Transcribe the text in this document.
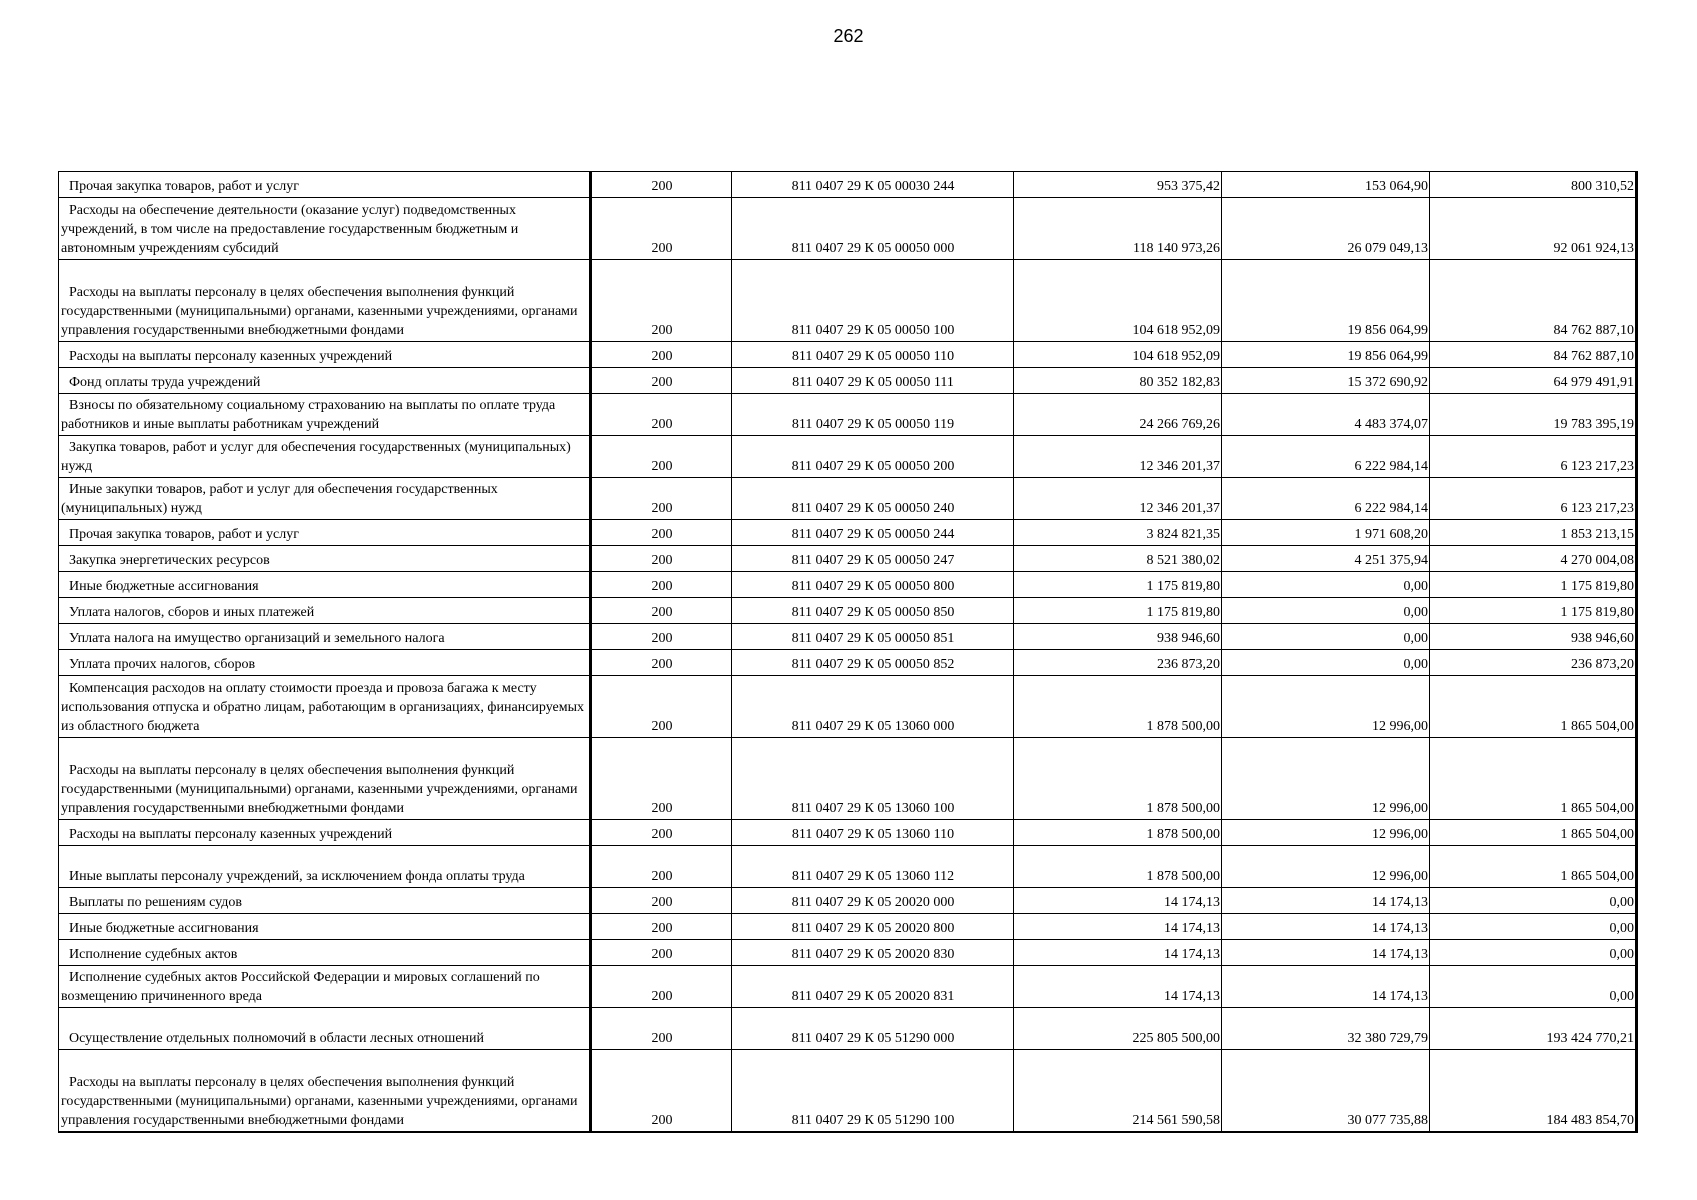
262
Прочая закупка товаров, работ и услуг	200	811 0407 29 К 05 00030 244	953 375,42	153 064,90	800 310,52
Расходы на обеспечение деятельности (оказание услуг) подведомственных учреждений, в том числе на предоставление государственным бюджетным и автономным учреждениям субсидий	200	811 0407 29 К 05 00050 000	118 140 973,26	26 079 049,13	92 061 924,13
Расходы на выплаты персоналу в целях обеспечения выполнения функций государственными (муниципальными) органами, казенными учреждениями, органами управления государственными внебюджетными фондами	200	811 0407 29 К 05 00050 100	104 618 952,09	19 856 064,99	84 762 887,10
Расходы на выплаты персоналу казенных учреждений	200	811 0407 29 К 05 00050 110	104 618 952,09	19 856 064,99	84 762 887,10
Фонд оплаты труда учреждений	200	811 0407 29 К 05 00050 111	80 352 182,83	15 372 690,92	64 979 491,91
Взносы по обязательному социальному страхованию на выплаты по оплате труда работников и иные выплаты работникам учреждений	200	811 0407 29 К 05 00050 119	24 266 769,26	4 483 374,07	19 783 395,19
Закупка товаров, работ и услуг для обеспечения государственных (муниципальных) нужд	200	811 0407 29 К 05 00050 200	12 346 201,37	6 222 984,14	6 123 217,23
Иные закупки товаров, работ и услуг для обеспечения государственных (муниципальных) нужд	200	811 0407 29 К 05 00050 240	12 346 201,37	6 222 984,14	6 123 217,23
Прочая закупка товаров, работ и услуг	200	811 0407 29 К 05 00050 244	3 824 821,35	1 971 608,20	1 853 213,15
Закупка энергетических ресурсов	200	811 0407 29 К 05 00050 247	8 521 380,02	4 251 375,94	4 270 004,08
Иные бюджетные ассигнования	200	811 0407 29 К 05 00050 800	1 175 819,80	0,00	1 175 819,80
Уплата налогов, сборов и иных платежей	200	811 0407 29 К 05 00050 850	1 175 819,80	0,00	1 175 819,80
Уплата налога на имущество организаций и земельного налога	200	811 0407 29 К 05 00050 851	938 946,60	0,00	938 946,60
Уплата прочих налогов, сборов	200	811 0407 29 К 05 00050 852	236 873,20	0,00	236 873,20
Компенсация расходов на оплату стоимости проезда и провоза багажа к месту использования отпуска и обратно лицам, работающим в организациях, финансируемых из областного бюджета	200	811 0407 29 К 05 13060 000	1 878 500,00	12 996,00	1 865 504,00
Расходы на выплаты персоналу в целях обеспечения выполнения функций государственными (муниципальными) органами, казенными учреждениями, органами управления государственными внебюджетными фондами	200	811 0407 29 К 05 13060 100	1 878 500,00	12 996,00	1 865 504,00
Расходы на выплаты персоналу казенных учреждений	200	811 0407 29 К 05 13060 110	1 878 500,00	12 996,00	1 865 504,00
Иные выплаты персоналу учреждений, за исключением фонда оплаты труда	200	811 0407 29 К 05 13060 112	1 878 500,00	12 996,00	1 865 504,00
Выплаты по решениям судов	200	811 0407 29 К 05 20020 000	14 174,13	14 174,13	0,00
Иные бюджетные ассигнования	200	811 0407 29 К 05 20020 800	14 174,13	14 174,13	0,00
Исполнение судебных актов	200	811 0407 29 К 05 20020 830	14 174,13	14 174,13	0,00
Исполнение судебных актов Российской Федерации и мировых соглашений по возмещению причиненного вреда	200	811 0407 29 К 05 20020 831	14 174,13	14 174,13	0,00
Осуществление отдельных полномочий в области лесных отношений	200	811 0407 29 К 05 51290 000	225 805 500,00	32 380 729,79	193 424 770,21
Расходы на выплаты персоналу в целях обеспечения выполнения функций государственными (муниципальными) органами, казенными учреждениями, органами управления государственными внебюджетными фондами	200	811 0407 29 К 05 51290 100	214 561 590,58	30 077 735,88	184 483 854,70
